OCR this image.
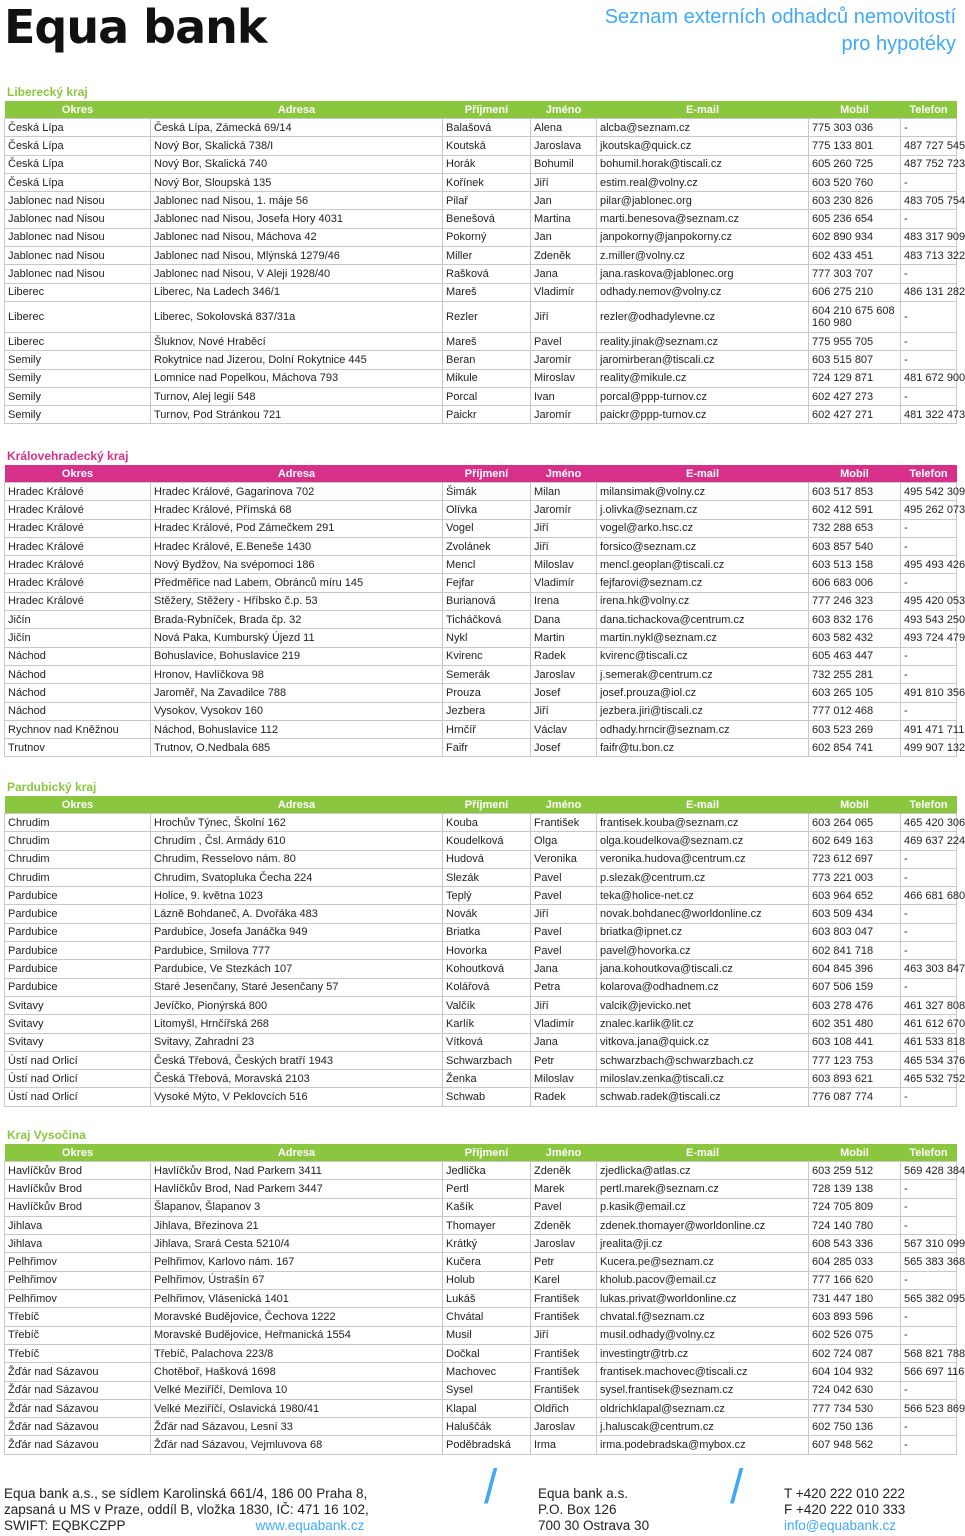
Equa bank	Seznam externích odhadců nemovitostí
pro hypotéky
Liberecký kraj
Okres	Adresa	Příjmení	Jméno	E-mail	Mobil	Telefon
Česká Lípa	Česká Lípa, Zámecká 69/14	Balašová	Alena	alcba@seznam.cz	775 303 036	-
Česká Lípa	Nový Bor, Skalická 738/I	Koutská	Jaroslava	jkoutska@quick.cz	775 133 801	487 727 545
Česká Lípa	Nový Bor, Skalická 740	Horák	Bohumil	bohumil.horak@tiscali.cz	605 260 725	487 752 723
Česká Lípa	Nový Bor, Sloupská 135	Kořínek	Jiří	estim.real@volny.cz	603 520 760	-
Jablonec nad Nisou	Jablonec nad Nisou, 1. máje 56	Pilař	Jan	pilar@jablonec.org	603 230 826	483 705 754
Jablonec nad Nisou	Jablonec nad Nisou, Josefa Hory 4031	Benešová	Martina	marti.benesova@seznam.cz	605 236 654	-
Jablonec nad Nisou	Jablonec nad Nisou, Máchova 42	Pokorný	Jan	janpokorny@janpokorny.cz	602 890 934	483 317 909
Jablonec nad Nisou	Jablonec nad Nisou, Mlýnská 1279/46	Miller	Zdeněk	z.miller@volny.cz	602 433 451	483 713 322
Jablonec nad Nisou	Jablonec nad Nisou, V Aleji 1928/40	Rašková	Jana	jana.raskova@jablonec.org	777 303 707	-
Liberec	Liberec, Na Ladech 346/1	Mareš	Vladimír	odhady.nemov@volny.cz	606 275 210	486 131 282
Liberec	Liberec, Sokolovská 837/31a	Rezler	Jiří	rezler@odhadylevne.cz	604 210 675 608 160 980	-
Liberec	Šluknov, Nové Hraběcí	Mareš	Pavel	reality.jinak@seznam.cz	775 955 705	-
Semily	Rokytnice nad Jizerou, Dolní Rokytnice 445	Beran	Jaromír	jaromirberan@tiscali.cz	603 515 807	-
Semily	Lomnice nad Popelkou, Máchova 793	Mikule	Miroslav	reality@mikule.cz	724 129 871	481 672 900
Semily	Turnov, Alej legií 548	Porcal	Ivan	porcal@ppp-turnov.cz	602 427 273	-
Semily	Turnov, Pod Stránkou 721	Paickr	Jaromír	paickr@ppp-turnov.cz	602 427 271	481 322 473
Královehradecký kraj
Okres	Adresa	Příjmení	Jméno	E-mail	Mobil	Telefon
Hradec Králové	Hradec Králové, Gagarinova 702	Šimák	Milan	milansimak@volny.cz	603 517 853	495 542 309
Hradec Králové	Hradec Králové, Přímská 68	Olívka	Jaromír	j.olivka@seznam.cz	602 412 591	495 262 073
Hradec Králové	Hradec Králové, Pod Zámečkem 291	Vogel	Jiří	vogel@arko.hsc.cz	732 288 653	-
Hradec Králové	Hradec Králové, E.Beneše 1430	Zvolánek	Jiří	forsico@seznam.cz	603 857 540	-
Hradec Králové	Nový Bydžov, Na svépomoci 186	Mencl	Miloslav	mencl.geoplan@tiscali.cz	603 513 158	495 493 426
Hradec Králové	Předměřice nad Labem, Obránců míru 145	Fejfar	Vladimír	fejfarovi@seznam.cz	606 683 006	-
Hradec Králové	Stěžery, Stěžery - Hříbsko č.p. 53	Burianová	Irena	irena.hk@volny.cz	777 246 323	495 420 053
Jičín	Brada-Rybníček, Brada čp. 32	Ticháčková	Dana	dana.tichackova@centrum.cz	603 832 176	493 543 250
Jičín	Nová Paka, Kumburský Újezd 11	Nykl	Martin	martin.nykl@seznam.cz	603 582 432	493 724 479
Náchod	Bohuslavice, Bohuslavice 219	Kvirenc	Radek	kvirenc@tiscali.cz	605 463 447	-
Náchod	Hronov, Havlíčkova 98	Semerák	Jaroslav	j.semerak@centrum.cz	732 255 281	-
Náchod	Jaroměř, Na Zavadilce 788	Prouza	Josef	josef.prouza@iol.cz	603 265 105	491 810 356
Náchod	Vysokov, Vysokov 160	Jezbera	Jiří	jezbera.jiri@tiscali.cz	777 012 468	-
Rychnov nad Kněžnou	Náchod, Bohuslavice 112	Hrnčíř	Václav	odhady.hrncir@seznam.cz	603 523 269	491 471 711
Trutnov	Trutnov, O.Nedbala 685	Faifr	Josef	faifr@tu.bon.cz	602 854 741	499 907 132
Pardubický kraj
Okres	Adresa	Příjmení	Jméno	E-mail	Mobil	Telefon
Chrudim	Hrochův Týnec, Školní 162	Kouba	František	frantisek.kouba@seznam.cz	603 264 065	465 420 306
Chrudim	Chrudim , Čsl. Armády 610	Koudelková	Olga	olga.koudelkova@seznam.cz	602 649 163	469 637 224
Chrudim	Chrudim, Resselovo nám. 80	Hudová	Veronika	veronika.hudova@centrum.cz	723 612 697	-
Chrudim	Chrudim, Svatopluka Čecha 224	Slezák	Pavel	p.slezak@centrum.cz	773 221 003	-
Pardubice	Holice, 9. května 1023	Teplý	Pavel	teka@holice-net.cz	603 964 652	466 681 680
Pardubice	Lázně Bohdaneč, A. Dvořáka 483	Novák	Jiří	novak.bohdanec@worldonline.cz	603 509 434	-
Pardubice	Pardubice, Josefa Janáčka 949	Briatka	Pavel	briatka@ipnet.cz	603 803 047	-
Pardubice	Pardubice, Smilova 777	Hovorka	Pavel	pavel@hovorka.cz	602 841 718	-
Pardubice	Pardubice, Ve Stezkách 107	Kohoutková	Jana	jana.kohoutkova@tiscali.cz	604 845 396	463 303 847
Pardubice	Staré Jesenčany, Staré Jesenčany 57	Kolářová	Petra	kolarova@odhadnem.cz	607 506 159	-
Svitavy	Jevíčko, Pionýrská 800	Valčík	Jiří	valcik@jevicko.net	603 278 476	461 327 808
Svitavy	Litomyšl, Hrnčířská 268	Karlík	Vladimír	znalec.karlik@lit.cz	602 351 480	461 612 670
Svitavy	Svitavy, Zahradní 23	Vítková	Jana	vitkova.jana@quick.cz	603 108 441	461 533 818
Ústí nad Orlicí	Česká Třebová, Českých bratří 1943	Schwarzbach	Petr	schwarzbach@schwarzbach.cz	777 123 753	465 534 376
Ústí nad Orlicí	Česká Třebová, Moravská 2103	Ženka	Miloslav	miloslav.zenka@tiscali.cz	603 893 621	465 532 752
Ústí nad Orlicí	Vysoké Mýto, V Peklovcích 516	Schwab	Radek	schwab.radek@tiscali.cz	776 087 774	-
Kraj Vysočina
Okres	Adresa	Příjmení	Jméno	E-mail	Mobil	Telefon
Havlíčkův Brod	Havlíčkův Brod, Nad Parkem 3411	Jedlička	Zdeněk	zjedlicka@atlas.cz	603 259 512	569 428 384
Havlíčkův Brod	Havlíčkův Brod, Nad Parkem 3447	Pertl	Marek	pertl.marek@seznam.cz	728 139 138	-
Havlíčkův Brod	Šlapanov, Šlapanov 3	Kašík	Pavel	p.kasik@email.cz	724 705 809	-
Jihlava	Jihlava, Březinova 21	Thomayer	Zdeněk	zdenek.thomayer@worldonline.cz	724 140 780	-
Jihlava	Jihlava, Srará Cesta 5210/4	Krátký	Jaroslav	jrealita@ji.cz	608 543 336	567 310 099
Pelhřimov	Pelhřimov, Karlovo nám. 167	Kučera	Petr	Kucera.pe@seznam.cz	604 285 033	565 383 368
Pelhřimov	Pelhřimov, Ústrašín 67	Holub	Karel	kholub.pacov@email.cz	777 166 620	-
Pelhřimov	Pelhřimov, Vlásenická 1401	Lukáš	František	lukas.privat@worldonline.cz	731 447 180	565 382 095
Třebíč	Moravské Budějovice, Čechova 1222	Chvátal	František	chvatal.f@seznam.cz	603 893 596	-
Třebíč	Moravské Budějovice, Heřmanická 1554	Musil	Jiří	musil.odhady@volny.cz	602 526 075	-
Třebíč	Třebíč, Palachova 223/8	Dočkal	František	investingtr@trb.cz	602 724 087	568 821 788
Žďár nad Sázavou	Chotěboř, Hašková 1698	Machovec	František	frantisek.machovec@tiscali.cz	604 104 932	566 697 116
Žďár nad Sázavou	Velké Meziříčí, Demlova 10	Sysel	František	sysel.frantisek@seznam.cz	724 042 630	-
Žďár nad Sázavou	Velké Meziříčí, Oslavická 1980/41	Klapal	Oldřich	oldrichklapal@seznam.cz	777 734 530	566 523 869
Žďár nad Sázavou	Žďár nad Sázavou, Lesní 33	Haluščák	Jaroslav	j.haluscak@centrum.cz	602 750 136	-
Žďár nad Sázavou	Žďár nad Sázavou, Vejmluvova 68	Poděbradská	Irma	irma.podebradska@mybox.cz	607 948 562	-
Equa bank a.s., se sídlem Karolinská 661/4, 186 00 Praha 8,
zapsaná u MS v Praze, oddíl B, vložka 1830, IČ: 471 16 102,
SWIFT: EQBKCZPP	www.equabank.cz
/	Equa bank a.s.
P.O. Box 126
700 30 Ostrava 30
/	T +420 222 010 222
F +420 222 010 333
info@equabank.cz
